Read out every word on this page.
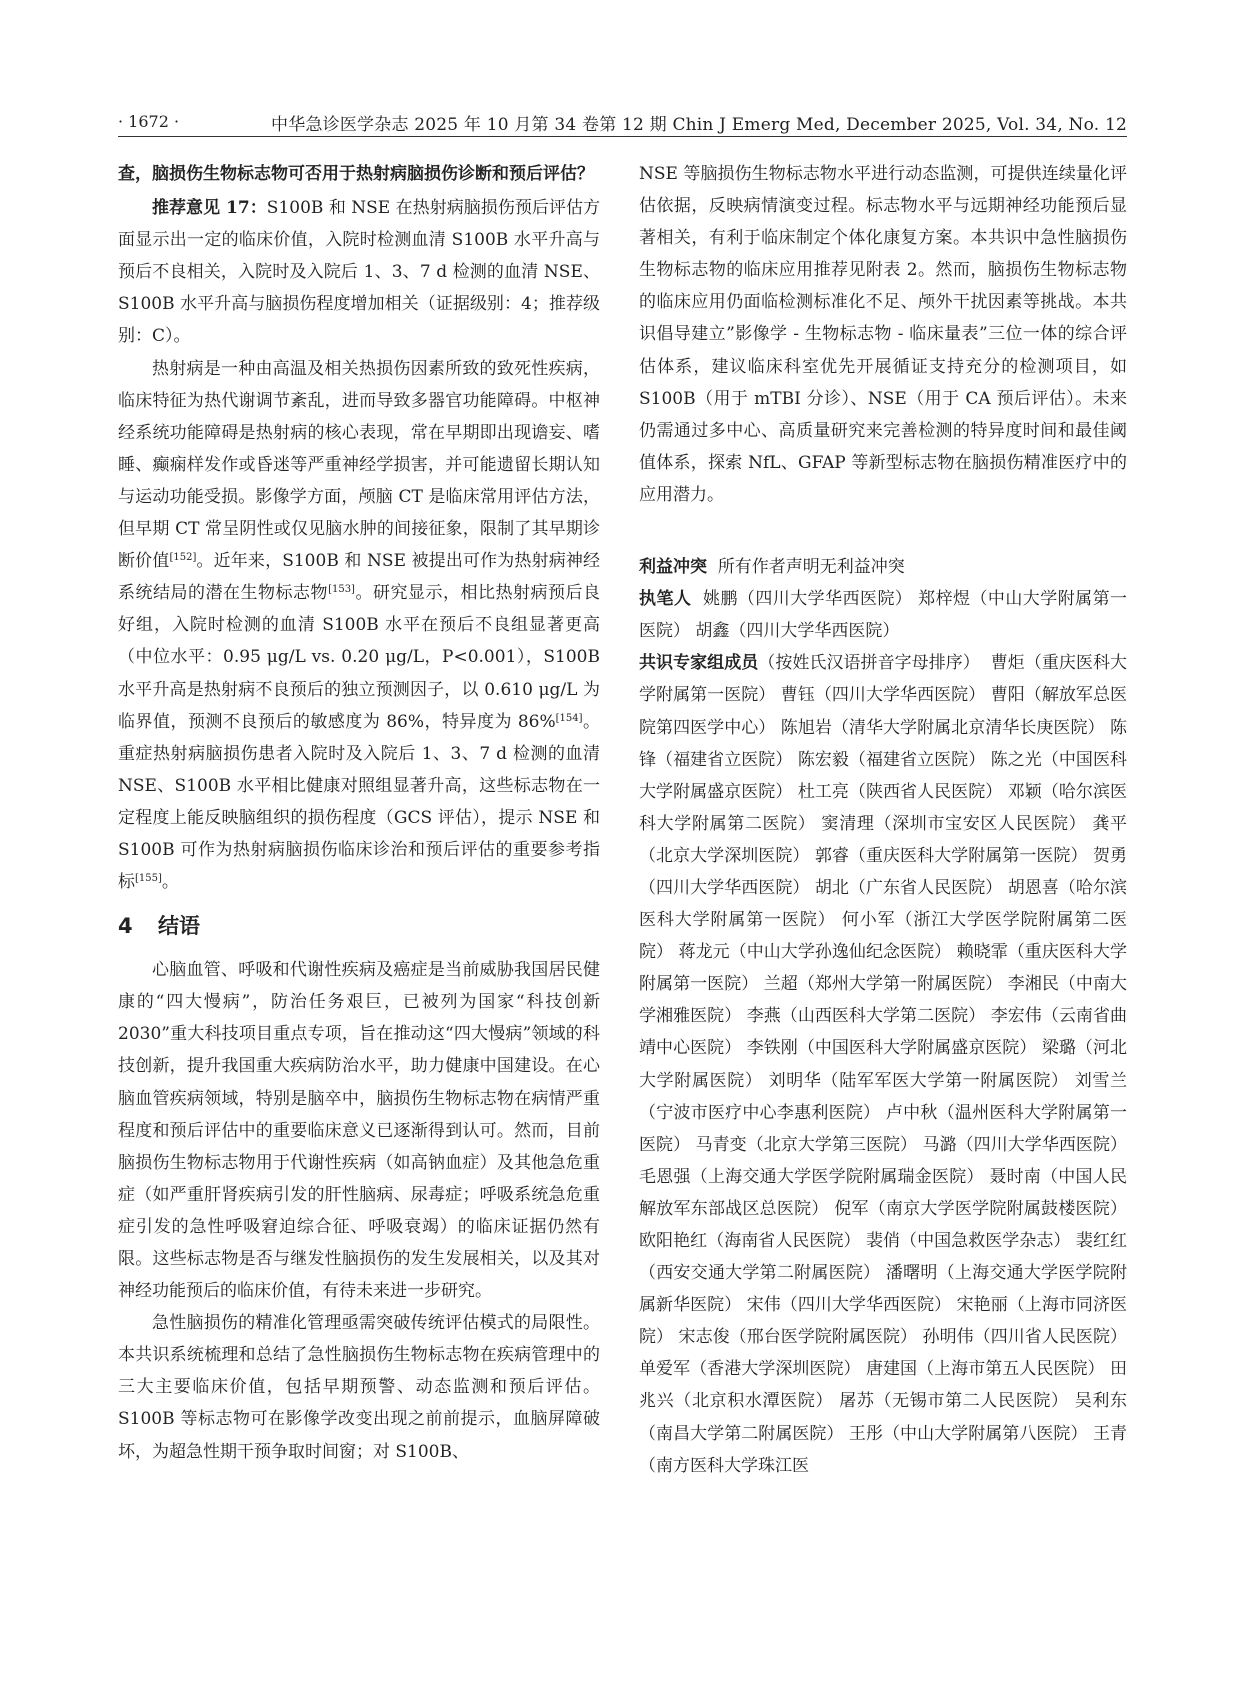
· 1672 ·	中华急诊医学杂志 2025 年 10 月第 34 卷第 12 期 Chin J Emerg Med, December 2025, Vol. 34, No. 12

查，脑损伤生物标志物可否用于热射病脑损伤诊断和预后评估？

推荐意见 17：S100B 和 NSE 在热射病脑损伤预后评估方面显示出一定的临床价值，入院时检测血清 S100B 水平升高与预后不良相关，入院时及入院后 1、3、7 d 检测的血清 NSE、S100B 水平升高与脑损伤程度增加相关（证据级别：4；推荐级别：C）。

热射病是一种由高温及相关热损伤因素所致的致死性疾病，临床特征为热代谢调节紊乱，进而导致多器官功能障碍。中枢神经系统功能障碍是热射病的核心表现，常在早期即出现谵妄、嗜睡、癫痫样发作或昏迷等严重神经学损害，并可能遗留长期认知与运动功能受损。影像学方面，颅脑 CT 是临床常用评估方法，但早期 CT 常呈阴性或仅见脑水肿的间接征象，限制了其早期诊断价值[152]。近年来，S100B 和 NSE 被提出可作为热射病神经系统结局的潜在生物标志物[153]。研究显示，相比热射病预后良好组，入院时检测的血清 S100B 水平在预后不良组显著更高（中位水平：0.95 μg/L vs. 0.20 μg/L，P<0.001），S100B 水平升高是热射病不良预后的独立预测因子，以 0.610 μg/L 为临界值，预测不良预后的敏感度为 86%，特异度为 86%[154]。重症热射病脑损伤患者入院时及入院后 1、3、7 d 检测的血清 NSE、S100B 水平相比健康对照组显著升高，这些标志物在一定程度上能反映脑组织的损伤程度（GCS 评估），提示 NSE 和 S100B 可作为热射病脑损伤临床诊治和预后评估的重要参考指标[155]。

4 结语

心脑血管、呼吸和代谢性疾病及癌症是当前威胁我国居民健康的“四大慢病”，防治任务艰巨，已被列为国家“科技创新 2030”重大科技项目重点专项，旨在推动这“四大慢病”领域的科技创新，提升我国重大疾病防治水平，助力健康中国建设。在心脑血管疾病领域，特别是脑卒中，脑损伤生物标志物在病情严重程度和预后评估中的重要临床意义已逐渐得到认可。然而，目前脑损伤生物标志物用于代谢性疾病（如高钠血症）及其他急危重症（如严重肝肾疾病引发的肝性脑病、尿毒症；呼吸系统急危重症引发的急性呼吸窘迫综合征、呼吸衰竭）的临床证据仍然有限。这些标志物是否与继发性脑损伤的发生发展相关，以及其对神经功能预后的临床价值，有待未来进一步研究。

急性脑损伤的精准化管理亟需突破传统评估模式的局限性。本共识系统梳理和总结了急性脑损伤生物标志物在疾病管理中的三大主要临床价值，包括早期预警、动态监测和预后评估。S100B 等标志物可在影像学改变出现之前前提示，血脑屏障破坏，为超急性期干预争取时间窗；对 S100B、

NSE 等脑损伤生物标志物水平进行动态监测，可提供连续量化评估依据，反映病情演变过程。标志物水平与远期神经功能预后显著相关，有利于临床制定个体化康复方案。本共识中急性脑损伤生物标志物的临床应用推荐见附表 2。然而，脑损伤生物标志物的临床应用仍面临检测标准化不足、颅外干扰因素等挑战。本共识倡导建立”影像学 - 生物标志物 - 临床量表”三位一体的综合评估体系，建议临床科室优先开展循证支持充分的检测项目，如 S100B（用于 mTBI 分诊）、NSE（用于 CA 预后评估）。未来仍需通过多中心、高质量研究来完善检测的特异度时间和最佳阈值体系，探索 NfL、GFAP 等新型标志物在脑损伤精准医疗中的应用潜力。

利益冲突 所有作者声明无利益冲突

执笔人 姚鹏（四川大学华西医院） 郑梓煜（中山大学附属第一医院） 胡鑫（四川大学华西医院）

共识专家组成员（按姓氏汉语拼音字母排序） 曹炬（重庆医科大学附属第一医院） 曹钰（四川大学华西医院） 曹阳（解放军总医院第四医学中心） 陈旭岩（清华大学附属北京清华长庚医院） 陈锋（福建省立医院） 陈宏毅（福建省立医院） 陈之光（中国医科大学附属盛京医院） 杜工亮（陕西省人民医院） 邓颖（哈尔滨医科大学附属第二医院） 窦清理（深圳市宝安区人民医院） 龚平（北京大学深圳医院） 郭睿（重庆医科大学附属第一医院） 贺勇（四川大学华西医院） 胡北（广东省人民医院） 胡恩喜（哈尔滨医科大学附属第一医院） 何小军（浙江大学医学院附属第二医院） 蒋龙元（中山大学孙逸仙纪念医院） 赖晓霏（重庆医科大学附属第一医院） 兰超（郑州大学第一附属医院） 李湘民（中南大学湘雅医院） 李燕（山西医科大学第二医院） 李宏伟（云南省曲靖中心医院） 李铁刚（中国医科大学附属盛京医院） 梁璐（河北大学附属医院） 刘明华（陆军军医大学第一附属医院） 刘雪兰（宁波市医疗中心李惠利医院） 卢中秋（温州医科大学附属第一医院） 马青变（北京大学第三医院） 马潞（四川大学华西医院） 毛恩强（上海交通大学医学院附属瑞金医院） 聂时南（中国人民解放军东部战区总医院） 倪军（南京大学医学院附属鼓楼医院） 欧阳艳红（海南省人民医院） 裴俏（中国急救医学杂志） 裴红红（西安交通大学第二附属医院） 潘曙明（上海交通大学医学院附属新华医院） 宋伟（四川大学华西医院） 宋艳丽（上海市同济医院） 宋志俊（邢台医学院附属医院） 孙明伟（四川省人民医院） 单爱军（香港大学深圳医院） 唐建国（上海市第五人民医院） 田兆兴（北京积水潭医院） 屠苏（无锡市第二人民医院） 吴利东（南昌大学第二附属医院） 王彤（中山大学附属第八医院） 王青（南方医科大学珠江医
